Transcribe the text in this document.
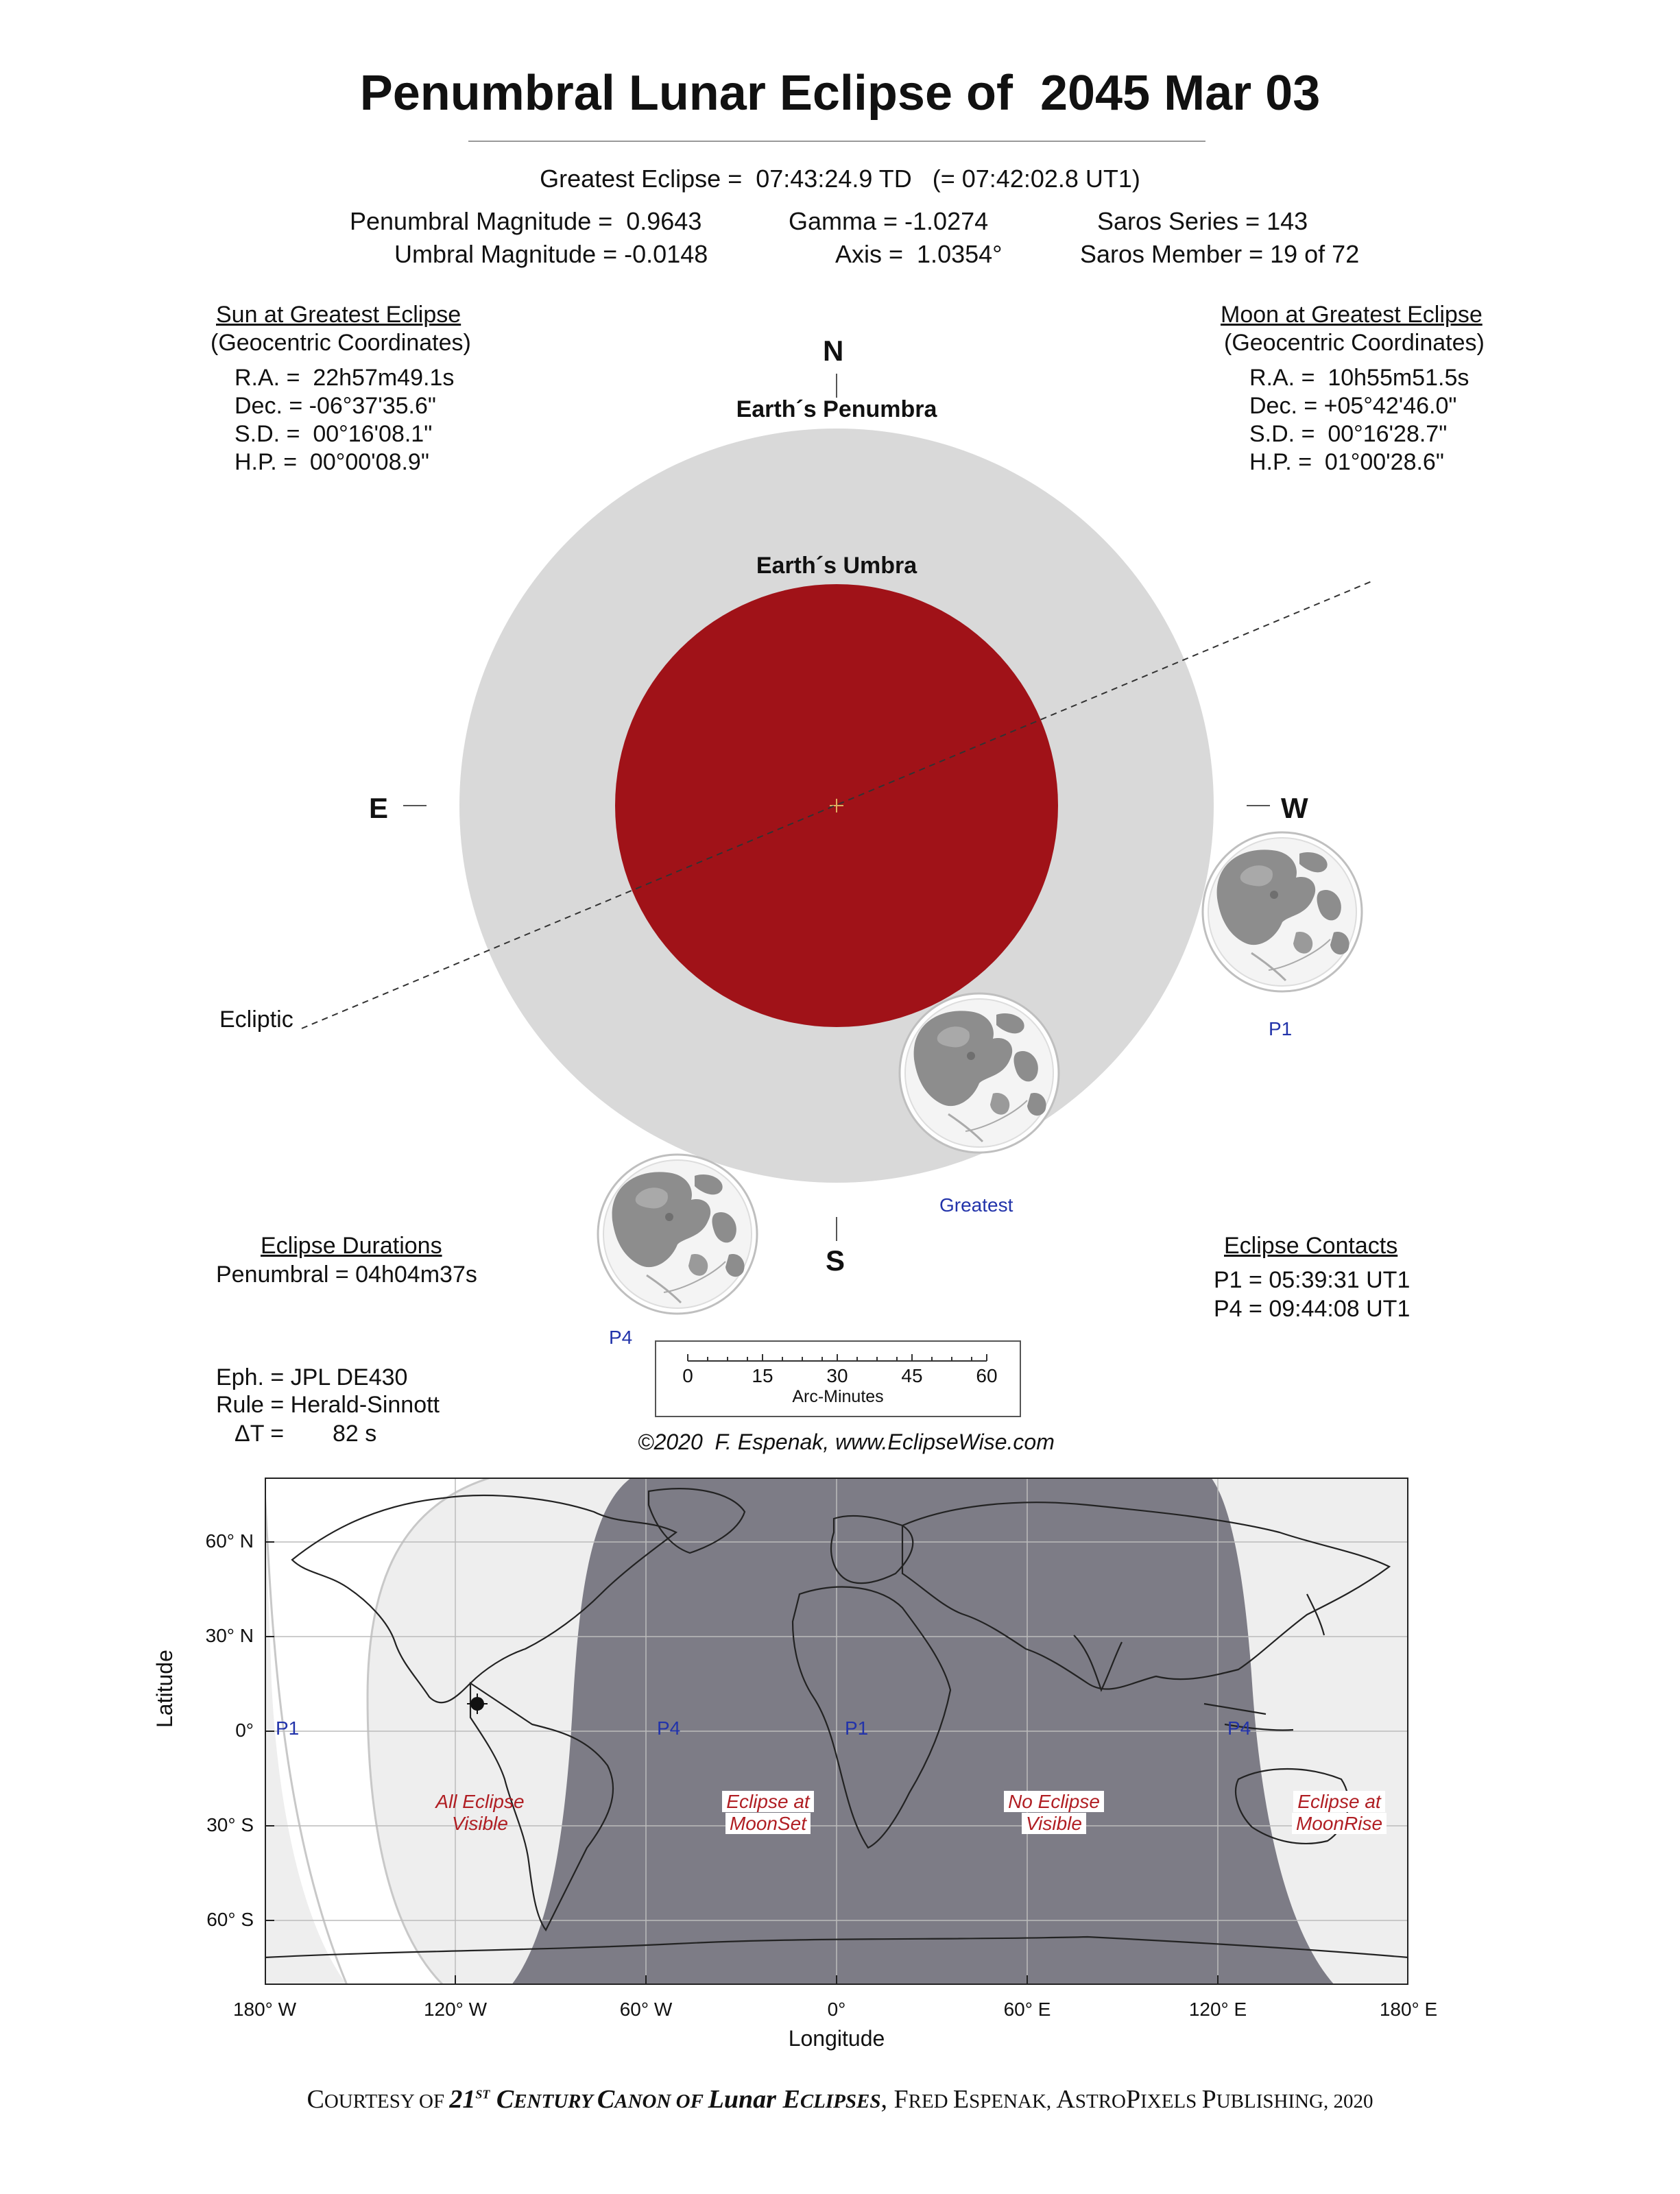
Penumbral Lunar Eclipse of  2045 Mar 03
Greatest Eclipse =  07:43:24.9 TD   (= 07:42:02.8 UT1)
Penumbral Magnitude =  0.9643
Umbral Magnitude = -0.0148
Gamma = -1.0274
Axis =  1.0354°
Saros Series = 143
Saros Member = 19 of 72
Sun at Greatest Eclipse
(Geocentric Coordinates)
R.A. =  22h57m49.1s
Dec. = -06°37'35.6"
S.D. =  00°16'08.1"
H.P. =  00°00'08.9"
Moon at Greatest Eclipse
(Geocentric Coordinates)
R.A. =  10h55m51.5s
Dec. = +05°42'46.0"
S.D. =  00°16'28.7"
H.P. =  01°00'28.6"
N
S
E	W
Earth´s Penumbra
Earth´s Umbra
Ecliptic	P1
Greatest
P4
Eclipse Durations
Penumbral = 04h04m37s
Eclipse Contacts
P1 = 05:39:31 UT1
P4 = 09:44:08 UT1
Eph. = JPL DE430
Rule = Herald-Sinnott
ΔT = 82 s

0

	15

	30

	45

	60

Arc-Minutes

©2020  F. Espenak, www.EclipseWise.com
P1	P4	P1	P4
All Eclipse
Visible
Eclipse at
MoonSet
No Eclipse
Visible
Eclipse at
MoonRise
60° N
30° N
0°
30° S
60° S
Latitude
180° W	120° W	60° W	0°	60° E	120° E	180° E
Longitude
COURTESY OF 21ST CENTURY CANON OF Lunar ECLIPSES, FRED ESPENAK, ASTROPIXELS PUBLISHING, 2020
